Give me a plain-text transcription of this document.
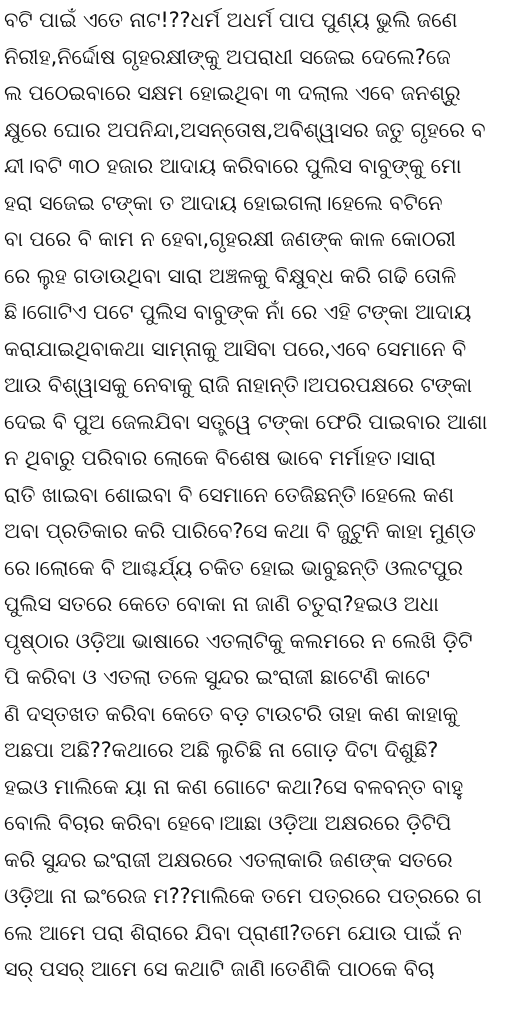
ବଟି ପାଇଁ ଏତେ ନାଟ!??ଧର୍ମ ଅଧର୍ମ ପାପ ପୁଣ୍ୟ ଭୁଲି ଜଣେ
ନିରୀହ,ନିର୍ଦ୍ଦୋଷ ଗୃହରକ୍ଷୀଙ୍କୁ ଅପରାଧୀ ସଜେଇ ଦେଲେ?ଜେ
ଲ ପଠେଇବାରେ ସକ୍ଷମ ହୋଇଥିବା ୩ ଦଲାଲ ଏବେ ଜନଶ୍ରୁ
କ୍ଷୁରେ ଘୋର ଅପନିନ୍ଦା,ଅସନ୍ତୋଷ,ଅବିଶ୍ୱାସର ଜତୁ ଗୃହରେ ବ
ନ୍ଦୀ।ବଟି ୩୦ ହଜାର ଆଦାୟ କରିବାରେ ପୁଲିସ ବାବୁଙ୍କୁ ମୋ
ହରା ସଜେଇ ଟଙ୍କା ତ ଆଦାୟ ହୋଇଗଲା।ହେଲେ ବଟିନେ
ବା ପରେ ବି କାମ ନ ହେବା,ଗୃହରକ୍ଷୀ ଜଣଙ୍କ କାଳ କୋଠରୀ
ରେ ଲୁହ ଗଡାଉଥିବା ସାରା ଅଞ୍ଚଳକୁ ବିକ୍ଷୁବ୍ଧ କରି ଗଢି ତୋଳି
ଛି।ଗୋଟିଏ ପଟେ ପୁଲିସ ବାବୁଙ୍କ ନାଁ ରେ ଏହି ଟଙ୍କା ଆଦାୟ
କରାଯାଇଥିବାକଥା ସାମ୍ନାକୁ ଆସିବା ପରେ,ଏବେ ସେମାନେ ବି
ଆଉ ବିଶ୍ୱାସକୁ ନେବାକୁ ରାଜି ନାହାନ୍ତି।ଅପରପକ୍ଷରେ ଟଙ୍କା
ଦେଇ ବି ପୁଅ ଜେଲଯିବା ସତ୍ତ୍ୱେ ଟଙ୍କା ଫେରି ପାଇବାର ଆଶା
ନ ଥିବାରୁ ପରିବାର ଲୋକେ ବିଶେଷ ଭାବେ ମର୍ମାହତ।ସାରା
ରାତି ଖାଇବା ଶୋଇବା ବି ସେମାନେ ତେଜିଛନ୍ତି।ହେଲେ କଣ
ଅବା ପ୍ରତିକାର କରି ପାରିବେ?ସେ କଥା ବି ଜୁଟୁନି କାହା ମୁଣ୍ଡ
ରେ।ଲୋକେ ବି ଆଶ୍ଚର୍ଯ୍ୟ ଚକିତ ହୋଇ ଭାବୁଛନ୍ତି ଓଲଟପୁର
ପୁଲିସ ସତରେ କେତେ ବୋକା ନା ଜାଣି ଚତୁରା?ହଇଓ ଅଧା
ପୃଷ୍ଠାର ଓଡ଼ିଆ ଭାଷାରେ ଏତଲାଟିକୁ କଲମରେ ନ ଲେଖି ଡ଼ିଟି
ପି କରିବା ଓ ଏତଲା ତଳେ ସୁନ୍ଦର ଇଂରାଜୀ ଛାଟେଣି କାଟେ
ଣି ଦସ୍ତଖତ କରିବା କେତେ ବଡ଼ ଟାଉଟରି ତାହା କଣ କାହାକୁ
ଅଛପା ଅଛି??କଥାରେ ଅଛି ଲୁଚିଛି ନା ଗୋଡ଼ ଦିଟା ଦିଶୁଛି?
ହଇଓ ମାଲିକେ ୟା ନା କଣ ଗୋଟେ କଥା?ସେ ବଳବନ୍ତ ବାହୁ
ବୋଲି ବିଚାର କରିବା ହେବେ।ଆଛା ଓଡ଼ିଆ ଅକ୍ଷରରେ ଡ଼ିଟିପି
କରି ସୁନ୍ଦର ଇଂରାଜୀ ଅକ୍ଷରରେ ଏତଲାକାରି ଜଣଙ୍କ ସତରେ
ଓଡ଼ିଆ ନା ଇଂରେଜ ମ??ମାଲିକେ ତମେ ପତ୍ରରେ ପତ୍ରରେ ଗ
ଲେ ଆମେ ପରା ଶିରାରେ ଯିବା ପ୍ରାଣୀ?ତମେ ଯୋଉ ପାଇଁ ନ
ସର୍ ପସର୍ ଆମେ ସେ କଥାଟି ଜାଣି।ତେଣିକି ପାଠକେ ବିଚା
